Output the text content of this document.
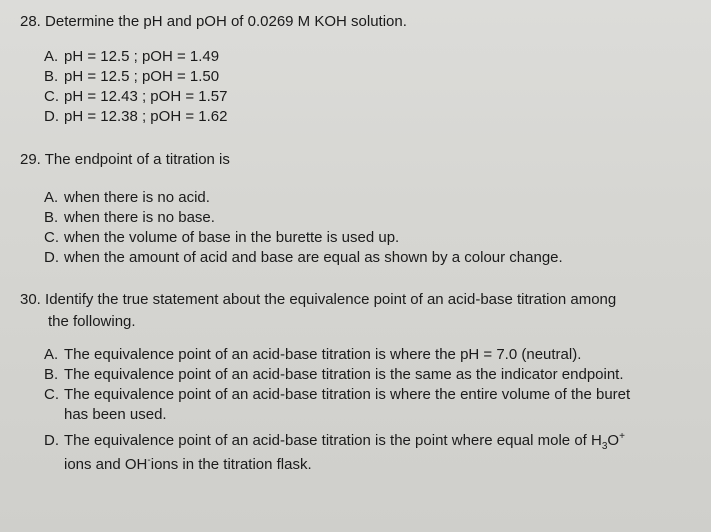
28. Determine the pH and pOH of 0.0269 M KOH solution.
A. pH = 12.5 ; pOH = 1.49
B. pH = 12.5 ; pOH = 1.50
C. pH = 12.43 ; pOH = 1.57
D. pH = 12.38 ; pOH = 1.62
29. The endpoint of a titration is
A. when there is no acid.
B. when there is no base.
C. when the volume of base in the burette is used up.
D. when the amount of acid and base are equal as shown by a colour change.
30. Identify the true statement about the equivalence point of an acid-base titration among
the following.
A. The equivalence point of an acid-base titration is where the pH = 7.0 (neutral).
B. The equivalence point of an acid-base titration is the same as the indicator endpoint.
C. The equivalence point of an acid-base titration is where the entire volume of the buret
has been used.
D. The equivalence point of an acid-base titration is the point where equal mole of $H_3O^+$
ions and OH-ions in the titration flask.
